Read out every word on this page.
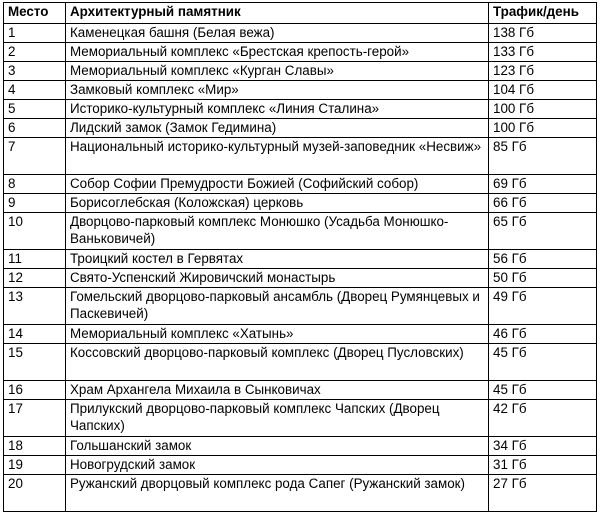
Место	Архитектурный памятник	Трафик/день
1	Каменецкая башня (Белая вежа)	138 Гб
2	Мемориальный комплекс «Брестская крепость-герой»	133 Гб
3	Мемориальный комплекс «Курган Славы»	123 Гб
4	Замковый комплекс «Мир»	104 Гб
5	Историко-культурный комплекс «Линия Сталина»	100 Гб
6	Лидский замок (Замок Гедимина)	100 Гб
7	Национальный историко-культурный музей-заповедник «Несвиж»	85 Гб
8	Собор Софии Премудрости Божией (Софийский собор)	69 Гб
9	Борисоглебская (Коложская) церковь	66 Гб
10	Дворцово-парковый комплекс Монюшко (Усадьба Монюшко-Ваньковичей)	65 Гб
11	Троицкий костел в Гервятах	56 Гб
12	Свято-Успенский Жировичский монастырь	50 Гб
13	Гомельский дворцово-парковый ансамбль (Дворец Румянцевых и Паскевичей)	49 Гб
14	Мемориальный комплекс «Хатынь»	46 Гб
15	Коссовский дворцово-парковый комплекс (Дворец Пусловских)	45 Гб
16	Храм Архангела Михаила в Сынковичах	45 Гб
17	Прилукский дворцово-парковый комплекс Чапских (Дворец Чапских)	42 Гб
18	Гольшанский замок	34 Гб
19	Новогрудский замок	31 Гб
20	Ружанский дворцовый комплекс рода Сапег (Ружанский замок)	27 Гб
